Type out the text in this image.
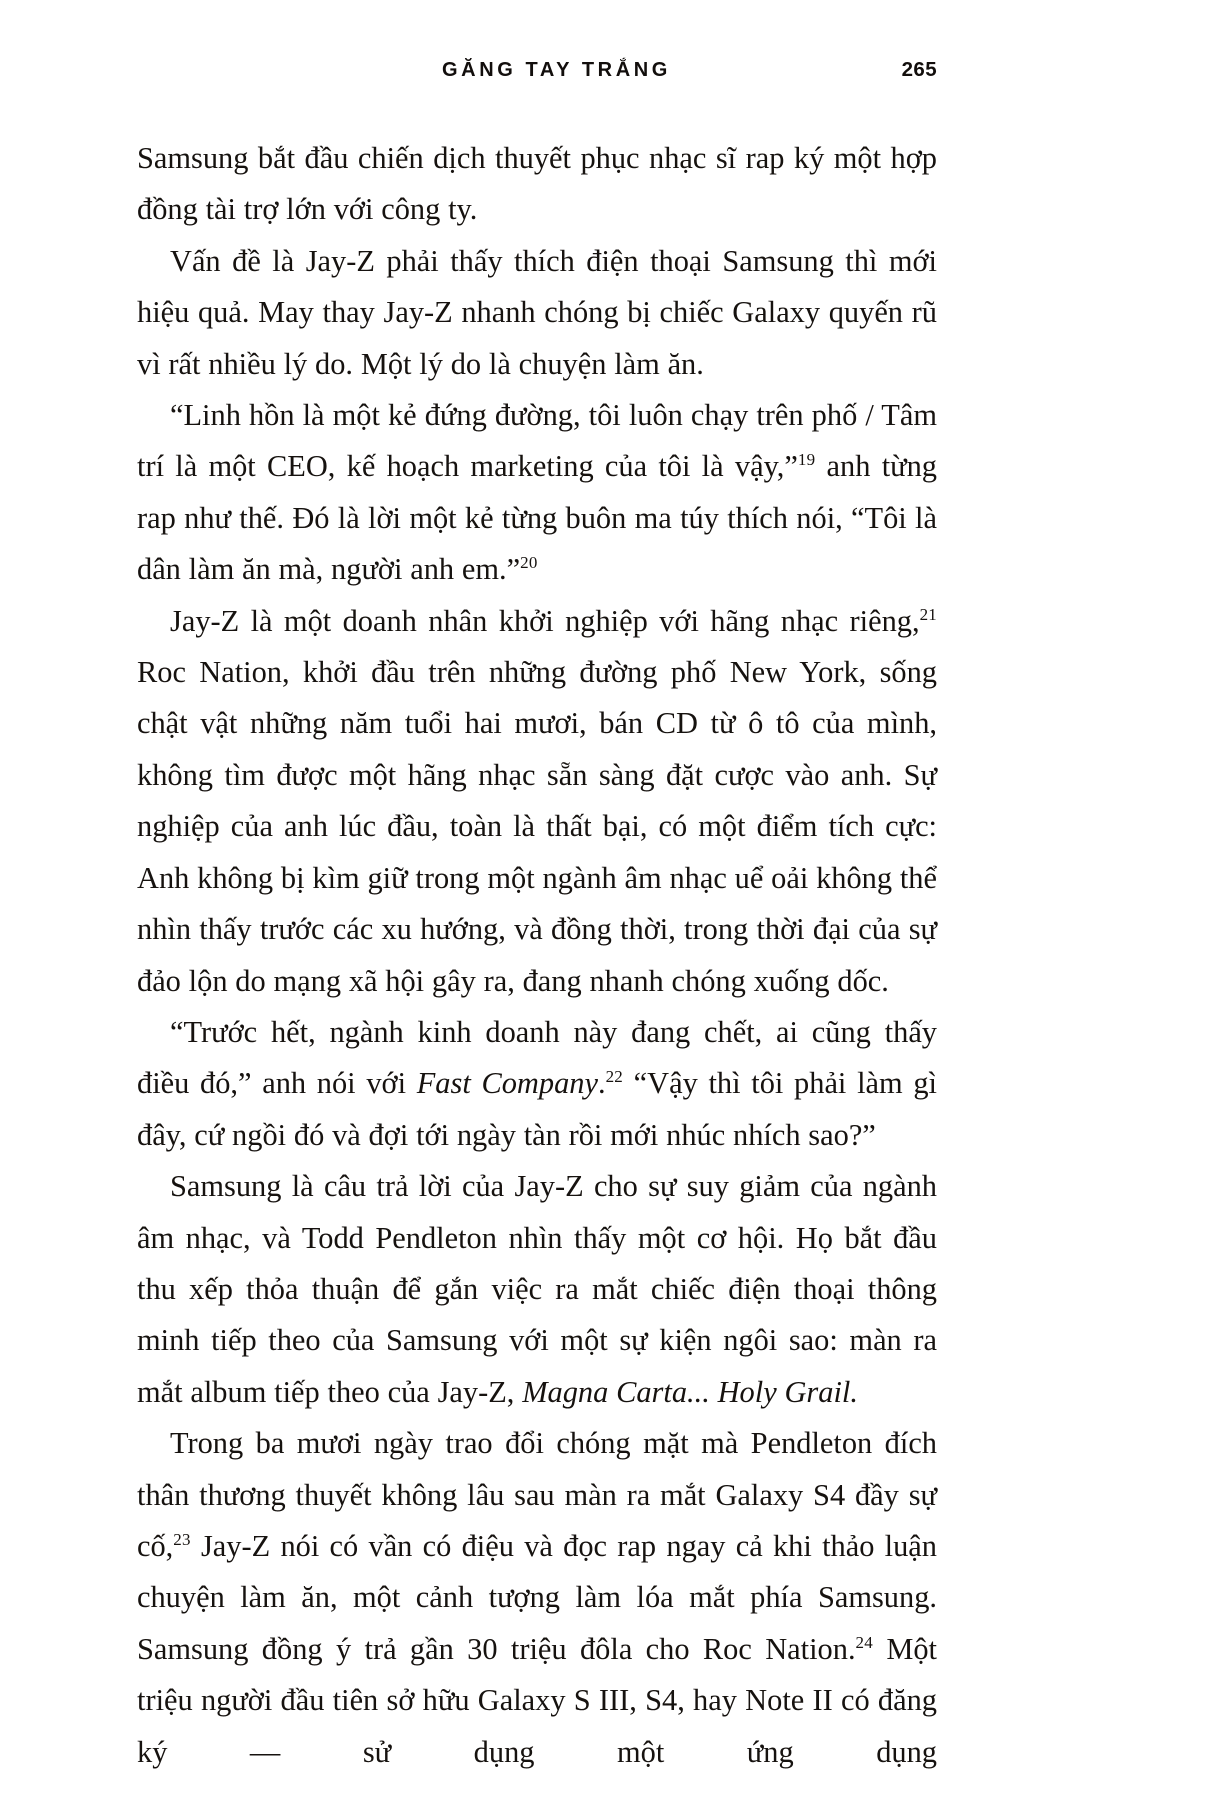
GĂNG TAY TRẮNG	265

Samsung bắt đầu chiến dịch thuyết phục nhạc sĩ rap ký một hợp đồng tài trợ lớn với công ty.

Vấn đề là Jay-Z phải thấy thích điện thoại Samsung thì mới hiệu quả. May thay Jay-Z nhanh chóng bị chiếc Galaxy quyến rũ vì rất nhiều lý do. Một lý do là chuyện làm ăn.

“Linh hồn là một kẻ đứng đường, tôi luôn chạy trên phố / Tâm trí là một CEO, kế hoạch marketing của tôi là vậy,”$^{19}$ anh từng rap như thế. Đó là lời một kẻ từng buôn ma túy thích nói, “Tôi là dân làm ăn mà, người anh em.”$^{20}$

Jay-Z là một doanh nhân khởi nghiệp với hãng nhạc riêng,$^{21}$ Roc Nation, khởi đầu trên những đường phố New York, sống chật vật những năm tuổi hai mươi, bán CD từ ô tô của mình, không tìm được một hãng nhạc sẵn sàng đặt cược vào anh. Sự nghiệp của anh lúc đầu, toàn là thất bại, có một điểm tích cực: Anh không bị kìm giữ trong một ngành âm nhạc uể oải không thể nhìn thấy trước các xu hướng, và đồng thời, trong thời đại của sự đảo lộn do mạng xã hội gây ra, đang nhanh chóng xuống dốc.

“Trước hết, ngành kinh doanh này đang chết, ai cũng thấy điều đó,” anh nói với Fast Company.$^{22}$ “Vậy thì tôi phải làm gì đây, cứ ngồi đó và đợi tới ngày tàn rồi mới nhúc nhích sao?”

Samsung là câu trả lời của Jay-Z cho sự suy giảm của ngành âm nhạc, và Todd Pendleton nhìn thấy một cơ hội. Họ bắt đầu thu xếp thỏa thuận để gắn việc ra mắt chiếc điện thoại thông minh tiếp theo của Samsung với một sự kiện ngôi sao: màn ra mắt album tiếp theo của Jay-Z, Magna Carta... Holy Grail.

Trong ba mươi ngày trao đổi chóng mặt mà Pendleton đích thân thương thuyết không lâu sau màn ra mắt Galaxy S4 đầy sự cố,$^{23}$ Jay-Z nói có vần có điệu và đọc rap ngay cả khi thảo luận chuyện làm ăn, một cảnh tượng làm lóa mắt phía Samsung. Samsung đồng ý trả gần 30 triệu đôla cho Roc Nation.$^{24}$ Một triệu người đầu tiên sở hữu Galaxy S III, S4, hay Note II có đăng ký — sử dụng một ứng dụng
